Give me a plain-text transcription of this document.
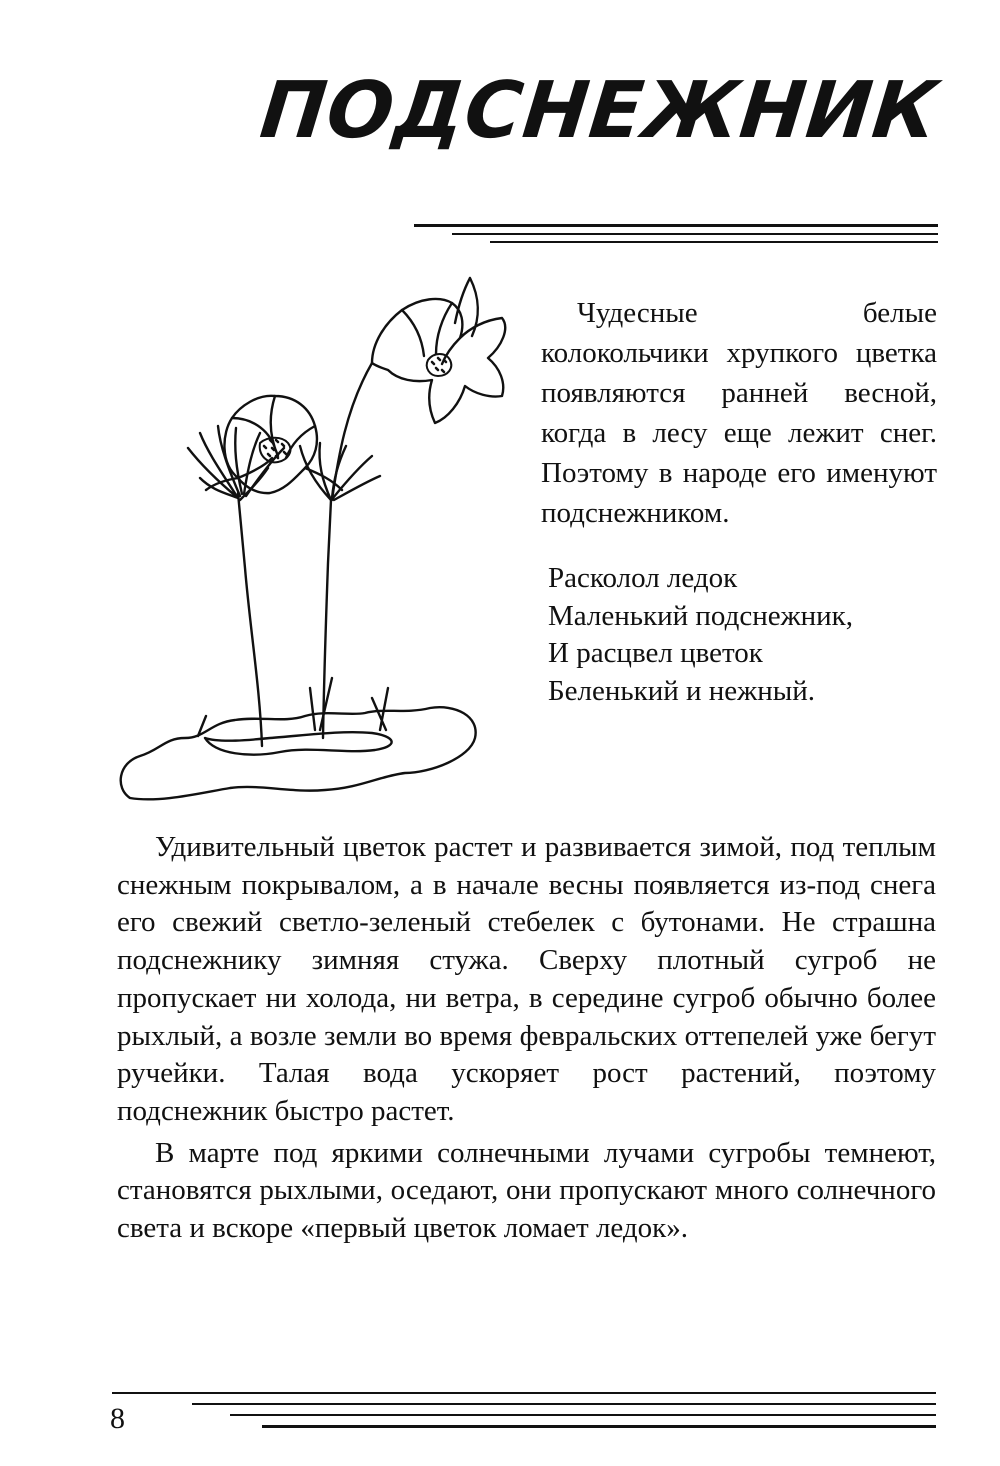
ПОДСНЕЖНИК

Чудесные белые колокольчики хрупкого цветка появляются ранней весной, когда в лесу еще лежит снег. Поэтому в народе его именуют подснежником.

Расколол ледок
Маленький подснежник,
И расцвел цветок
Беленький и нежный.

Удивительный цветок растет и развивается зимой, под теплым снежным покрывалом, а в начале весны появляется из-под снега его свежий светло-зеленый стебелек с бутонами. Не страшна подснежнику зимняя стужа. Сверху плотный сугроб не пропускает ни холода, ни ветра, в середине сугроб обычно более рыхлый, а возле земли во время февральских оттепелей уже бегут ручейки. Талая вода ускоряет рост растений, поэтому подснежник быстро растет.

В марте под яркими солнечными лучами сугробы темнеют, становятся рыхлыми, оседают, они пропускают много солнечного света и вскоре «первый цветок ломает ледок».

8
